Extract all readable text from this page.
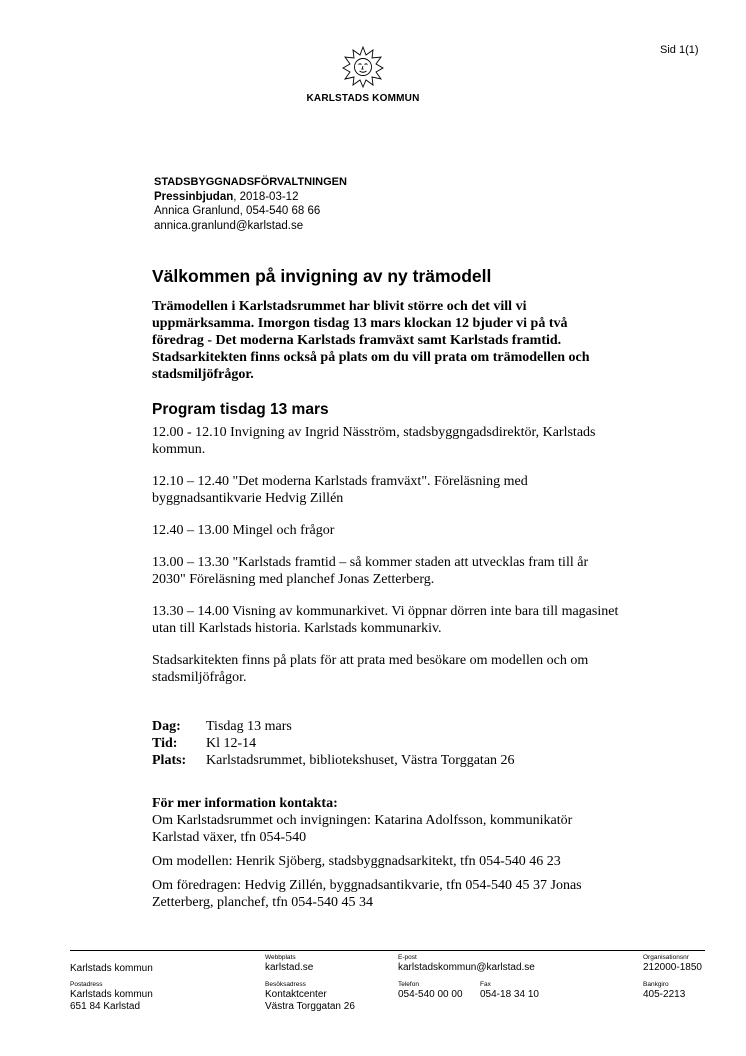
Sid 1(1)
KARLSTADS KOMMUN
STADSBYGGNADSFÖRVALTNINGEN
Pressinbjudan, 2018-03-12
Annica Granlund, 054-540 68 66
annica.granlund@karlstad.se
Välkommen på invigning av ny trämodell
Trämodellen i Karlstadsrummet har blivit större och det vill vi uppmärksamma. Imorgon tisdag 13 mars klockan 12 bjuder vi på två föredrag - Det moderna Karlstads framväxt samt Karlstads framtid. Stadsarkitekten finns också på plats om du vill prata om trämodellen och stadsmiljöfrågor.
Program tisdag 13 mars

12.00 - 12.10 Invigning av Ingrid Näsström, stadsbyggngadsdirektör, Karlstads kommun.

12.10 – 12.40 "Det moderna Karlstads framväxt". Föreläsning med byggnadsantikvarie Hedvig Zillén

12.40 – 13.00 Mingel och frågor

13.00 – 13.30 "Karlstads framtid – så kommer staden att utvecklas fram till år 2030" Föreläsning med planchef Jonas Zetterberg.

13.30 – 14.00 Visning av kommunarkivet. Vi öppnar dörren inte bara till magasinet utan till Karlstads historia. Karlstads kommunarkiv.

Stadsarkitekten finns på plats för att prata med besökare om modellen och om stadsmiljöfrågor.

Dag:	Tisdag 13 mars
Tid:	Kl 12-14
Plats:	Karlstadsrummet, bibliotekshuset, Västra Torggatan 26
För mer information kontakta:

Om Karlstadsrummet och invigningen: Katarina Adolfsson, kommunikatör Karlstad växer, tfn 054-540

Om modellen: Henrik Sjöberg, stadsbyggnadsarkitekt, tfn 054-540 46 23

Om föredragen: Hedvig Zillén, byggnadsantikvarie, tfn 054-540 45 37 Jonas Zetterberg, planchef, tfn 054-540 45 34

Karlstads kommun
Webbplats
karlstad.se
E-post
karlstadskommun@karlstad.se
Organisationsnr
212000-1850
Postadress
Karlstads kommun
651 84 Karlstad
Besöksadress
Kontaktcenter
Västra Torggatan 26
Telefon
054-540 00 00
Fax
054-18 34 10
Bankgiro
405-2213
